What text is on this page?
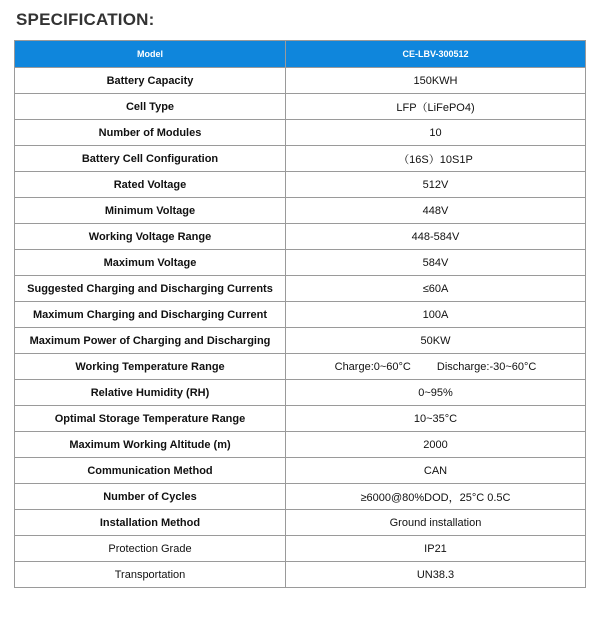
SPECIFICATION:
Model	CE-LBV-300512
Battery Capacity	150KWH
Cell Type	LFP（LiFePO4)
Number of Modules	10
Battery Cell Configuration	（16S）10S1P
Rated Voltage	512V
Minimum Voltage	448V
Working Voltage Range	448-584V
Maximum Voltage	584V
Suggested Charging and Discharging Currents	≤60A
Maximum Charging and Discharging Current	100A
Maximum Power of Charging and Discharging	50KW
Working Temperature Range	Charge:0~60°C Discharge:-30~60°C
Relative Humidity (RH)	0~95%
Optimal Storage Temperature Range	10~35°C
Maximum Working Altitude (m)	2000
Communication Method	CAN
Number of Cycles	≥6000@80%DOD，25°C 0.5C
Installation Method	Ground installation
Protection Grade	IP21
Transportation	UN38.3
